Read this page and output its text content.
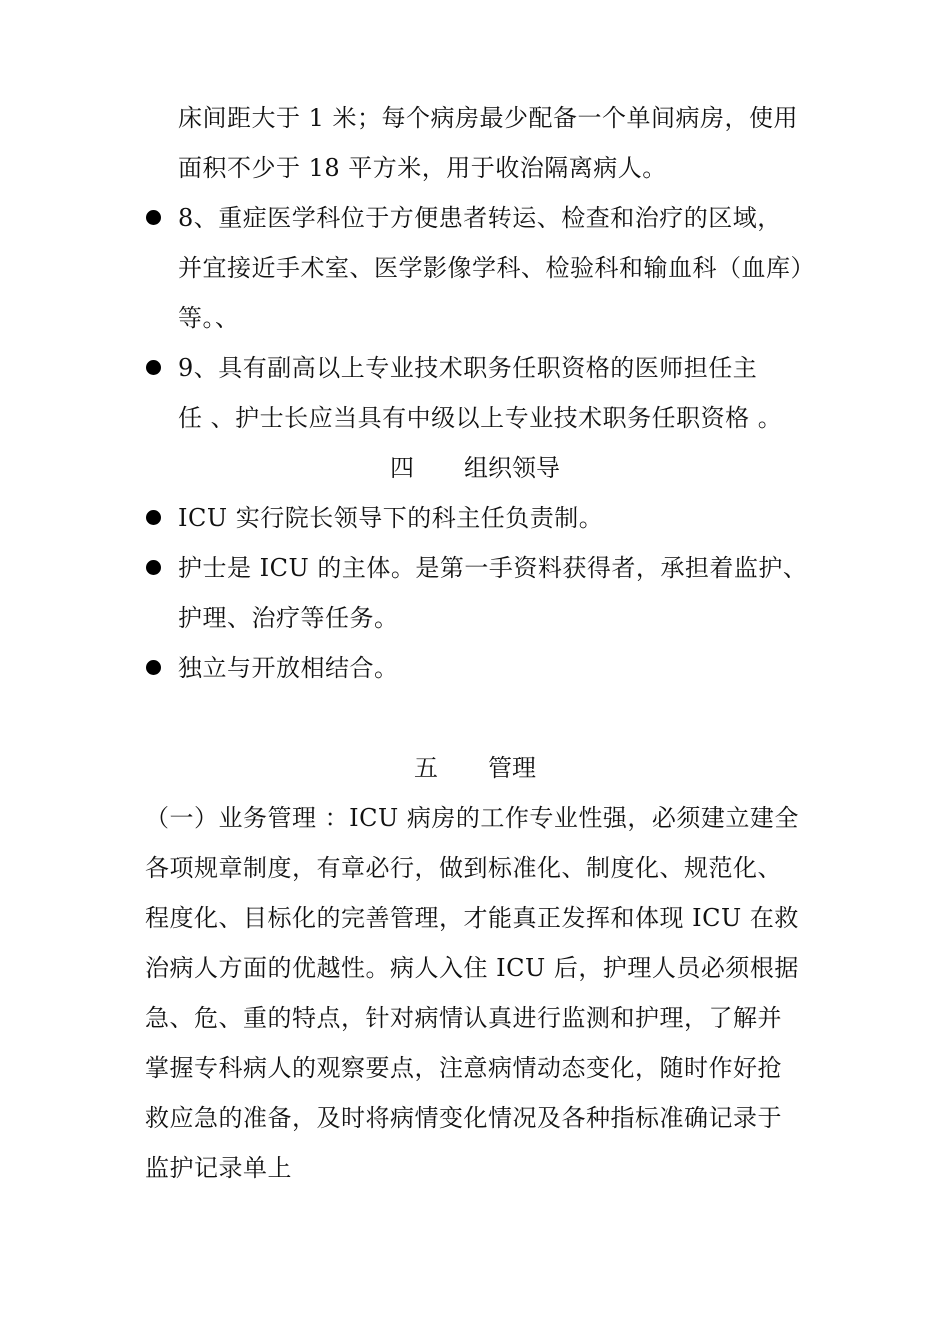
床间距大于 1 米；每个病房最少配备一个单间病房，使用
面积不少于 18 平方米，用于收治隔离病人。
8、重症医学科位于方便患者转运、检查和治疗的区域，
并宜接近手术室、医学影像学科、检验科和输血科（血库）
等。、
9、具有副高以上专业技术职务任职资格的医师担任主
任 、护士长应当具有中级以上专业技术职务任职资格 。
四 组织领导
ICU 实行院长领导下的科主任负责制。
护士是 ICU 的主体。是第一手资料获得者，承担着监护、
护理、治疗等任务。
独立与开放相结合。
五 管理
（一）业务管理 ：ICU 病房的工作专业性强，必须建立建全
各项规章制度，有章必行，做到标准化、制度化、规范化、
程度化、目标化的完善管理，才能真正发挥和体现 ICU 在救
治病人方面的优越性。病人入住 ICU 后，护理人员必须根据
急、危、重的特点，针对病情认真进行监测和护理，了解并
掌握专科病人的观察要点，注意病情动态变化，随时作好抢
救应急的准备，及时将病情变化情况及各种指标准确记录于
监护记录单上
